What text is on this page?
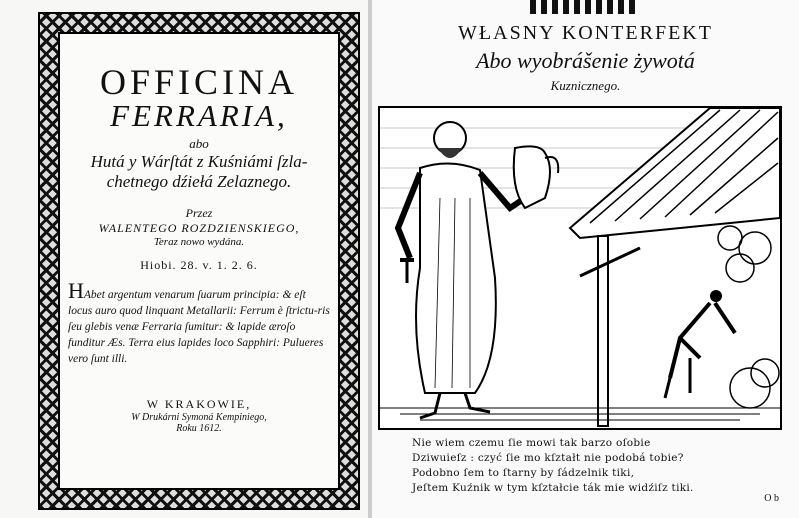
OFFICINA
FERRARIA,
abo
Hutá y Wárſtát z Kuśniámi ſzla-
chetnego dźiełá Zelaznego.
Przez
WALENTEGO ROZDZIENSKIEGO,
Teraz nowo wydána.
Hiobi. 28. v. 1. 2. 6.
HAbet argentum venarum ſuarum principia: & eſt locus auro quod linquant Metallarii: Ferrum è ſtrictu-ris ſeu glebis venæ Ferraria ſumitur: & lapide æroſo funditur Æs. Terra eius lapides loco Sapphiri: Pulueres vero ſunt illi.
W KRAKOWIE,
W Drukárni Symoná Kempiniego,
Roku 1612.
WŁASNY KONTERFEKT
Abo wyobrášenie żywotá
Kuznicznego.
Nie wiem czemu ſie mowi tak barzo oſobie
Dziwuieſz : czyć ſie mo kſztałt nie podobá tobie?
Podobno ſem to ſtarny by ſádzelnik tiki,
Jeſtem Kuźnik w tym kſztałcie ták mie widźiſz tiki.
O b
